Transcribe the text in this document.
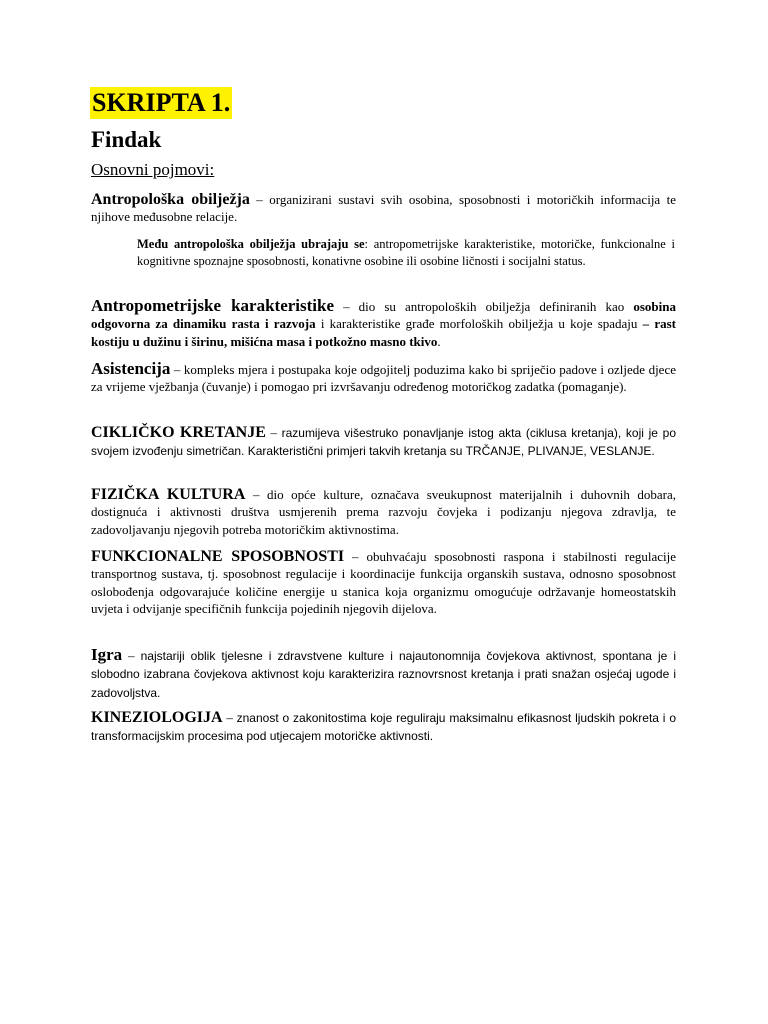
SKRIPTA 1.
Findak
Osnovni pojmovi:

Antropološka obilježja – organizirani sustavi svih osobina, sposobnosti i motoričkih informacija te njihove međusobne relacije.

Među antropološka obilježja ubrajaju se: antropometrijske karakteristike, motoričke, funkcionalne i kognitivne spoznajne sposobnosti, konativne osobine ili osobine ličnosti i socijalni status.

Antropometrijske karakteristike – dio su antropoloških obilježja definiranih kao osobina odgovorna za dinamiku rasta i razvoja i karakteristike građe morfoloških obilježja u koje spadaju – rast kostiju u dužinu i širinu, mišićna masa i potkožno masno tkivo.

Asistencija – kompleks mjera i postupaka koje odgojitelj poduzima kako bi spriječio padove i ozljede djece za vrijeme vježbanja (čuvanje) i pomogao pri izvršavanju određenog motoričkog zadatka (pomaganje).

CIKLIČKO KRETANJE – razumijeva višestruko ponavljanje istog akta (ciklusa kretanja), koji je po svojem izvođenju simetričan. Karakteristični primjeri takvih kretanja su TRČANJE, PLIVANJE, VESLANJE.

FIZIČKA KULTURA – dio opće kulture, označava sveukupnost materijalnih i duhovnih dobara, dostignuća i aktivnosti društva usmjerenih prema razvoju čovjeka i podizanju njegova zdravlja, te zadovoljavanju njegovih potreba motoričkim aktivnostima.

FUNKCIONALNE SPOSOBNOSTI – obuhvaćaju sposobnosti raspona i stabilnosti regulacije transportnog sustava, tj. sposobnost regulacije i koordinacije funkcija organskih sustava, odnosno sposobnost oslobođenja odgovarajuće količine energije u stanica koja organizmu omogućuje održavanje homeostatskih uvjeta i odvijanje specifičnih funkcija pojedinih njegovih dijelova.

Igra – najstariji oblik tjelesne i zdravstvene kulture i najautonomnija čovjekova aktivnost, spontana je i slobodno izabrana čovjekova aktivnost koju karakterizira raznovrsnost kretanja i prati snažan osjećaj ugode i zadovoljstva.

KINEZIOLOGIJA – znanost o zakonitostima koje reguliraju maksimalnu efikasnost ljudskih pokreta i o transformacijskim procesima pod utjecajem motoričke aktivnosti.
